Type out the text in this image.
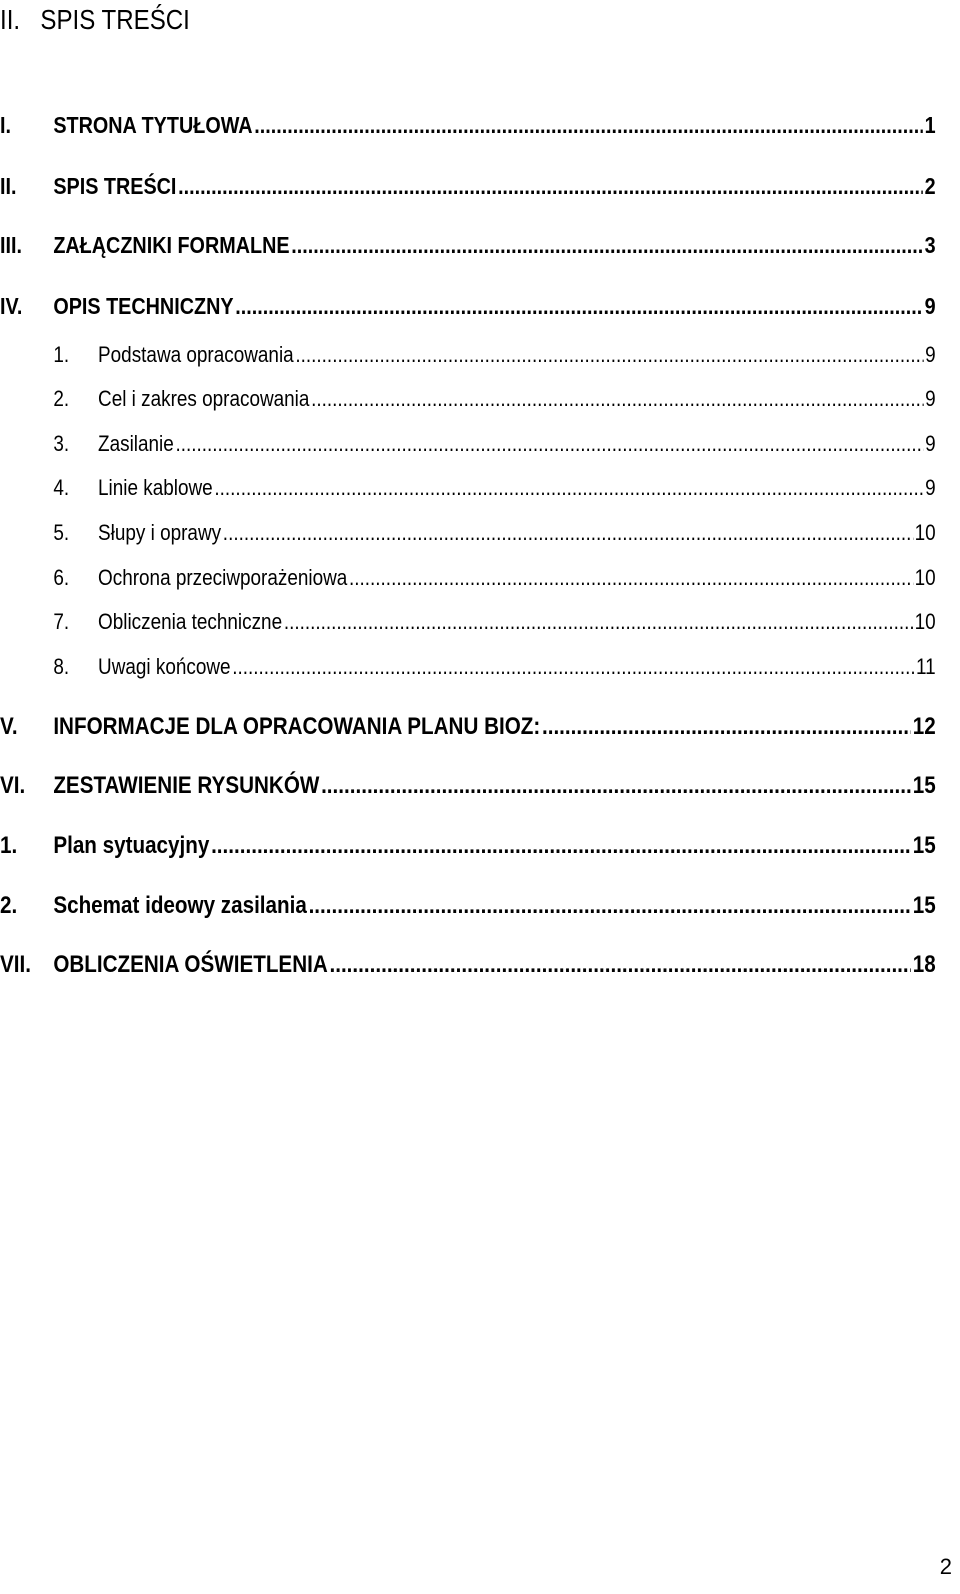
II. SPIS TREŚCI
I.	STRONA TYTUŁOWA .....	1
II.	SPIS TREŚCI .....	2
III.	ZAŁĄCZNIKI FORMALNE .....	3
IV.	OPIS TECHNICZNY .....	9
1.	Podstawa opracowania .....	9
2.	Cel i zakres opracowania .....	9
3.	Zasilanie .....	9
4.	Linie kablowe .....	9
5.	Słupy i oprawy .....	10
6.	Ochrona przeciwporażeniowa .....	10
7.	Obliczenia techniczne .....	10
8.	Uwagi końcowe .....	11
V.	INFORMACJE DLA OPRACOWANIA PLANU BIOZ: .....	12
VI.	ZESTAWIENIE RYSUNKÓW .....	15
1.	Plan sytuacyjny .....	15
2.	Schemat ideowy zasilania .....	15
VII. OBLICZENIA OŚWIETLENIA .....	18
2
